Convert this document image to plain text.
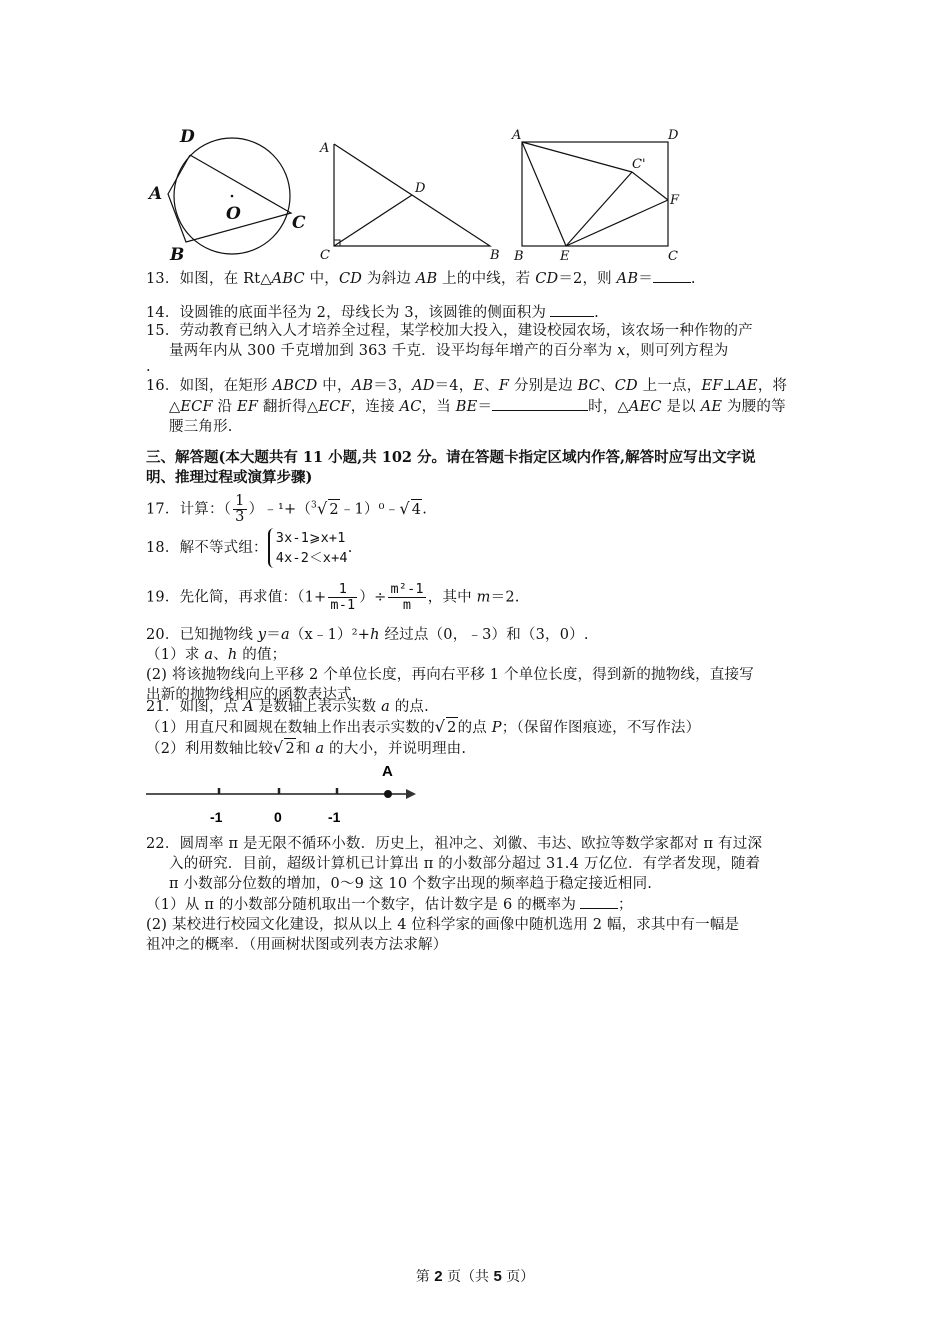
D
A
O	C
B
A
D
C	B
A	D
C'
F
B	E	C
13．如图，在 Rt△ABC 中，CD 为斜边 AB 上的中线，若 CD＝2，则 AB＝	.
14．设圆锥的底面半径为 2，母线长为 3，该圆锥的侧面积为	.
15．劳动教育已纳入人才培养全过程，某学校加大投入，建设校园农场，该农场一种作物的产
量两年内从 300 千克增加到 363 千克．设平均每年增产的百分率为 x，则可列方程为
.
16．如图，在矩形 ABCD 中，AB＝3，AD＝4，E、F 分别是边 BC、CD 上一点，EF⊥AE，将
△ECF 沿 EF 翻折得△ECF，连接 AC，当 BE＝	时，△AEC 是以 AE 为腰的等
腰三角形.
三、解答题(本大题共有 11 小题,共 102 分。请在答题卡指定区域内作答,解答时应写出文字说
明、推理过程或演算步骤)
17．计算：（ $\frac{1}{3}$ ）﹣¹+（$^3$√ 2﹣1）⁰﹣√ 4.
18．解不等式组：
3x-1⩾x+1
4x-2＜x+4
.
19．先化简，再求值：（$1+ \frac{1}{m-1}$ ）÷ $\frac{\text{m²-1}}{m}$ ，其中 m＝2.
20．已知抛物线 y＝a（x﹣1）²+h 经过点（0，﹣3）和（3，0）.
（1）求 a、h 的值；
(2) 将该抛物线向上平移 2 个单位长度，再向右平移 1 个单位长度，得到新的抛物线，直接写
出新的抛物线相应的函数表达式.
21．如图，点 A 是数轴上表示实数 a 的点.
（1）用直尺和圆规在数轴上作出表示实数的√ 2的点 P；（保留作图痕迹，不写作法）
（2）利用数轴比较√ 2和 a 的大小，并说明理由.
A
-1	0	-1
22．圆周率 π 是无限不循环小数．历史上，祖冲之、刘徽、韦达、欧拉等数学家都对 π 有过深
入的研究．目前，超级计算机已计算出 π 的小数部分超过 31.4 万亿位．有学者发现，随着
π 小数部分位数的增加，0～9 这 10 个数字出现的频率趋于稳定接近相同.
（1）从 π 的小数部分随机取出一个数字，估计数字是 6 的概率为	；
(2) 某校进行校园文化建设，拟从以上 4 位科学家的画像中随机选用 2 幅，求其中有一幅是
祖冲之的概率．（用画树状图或列表方法求解）
第 2 页（共 5 页）
